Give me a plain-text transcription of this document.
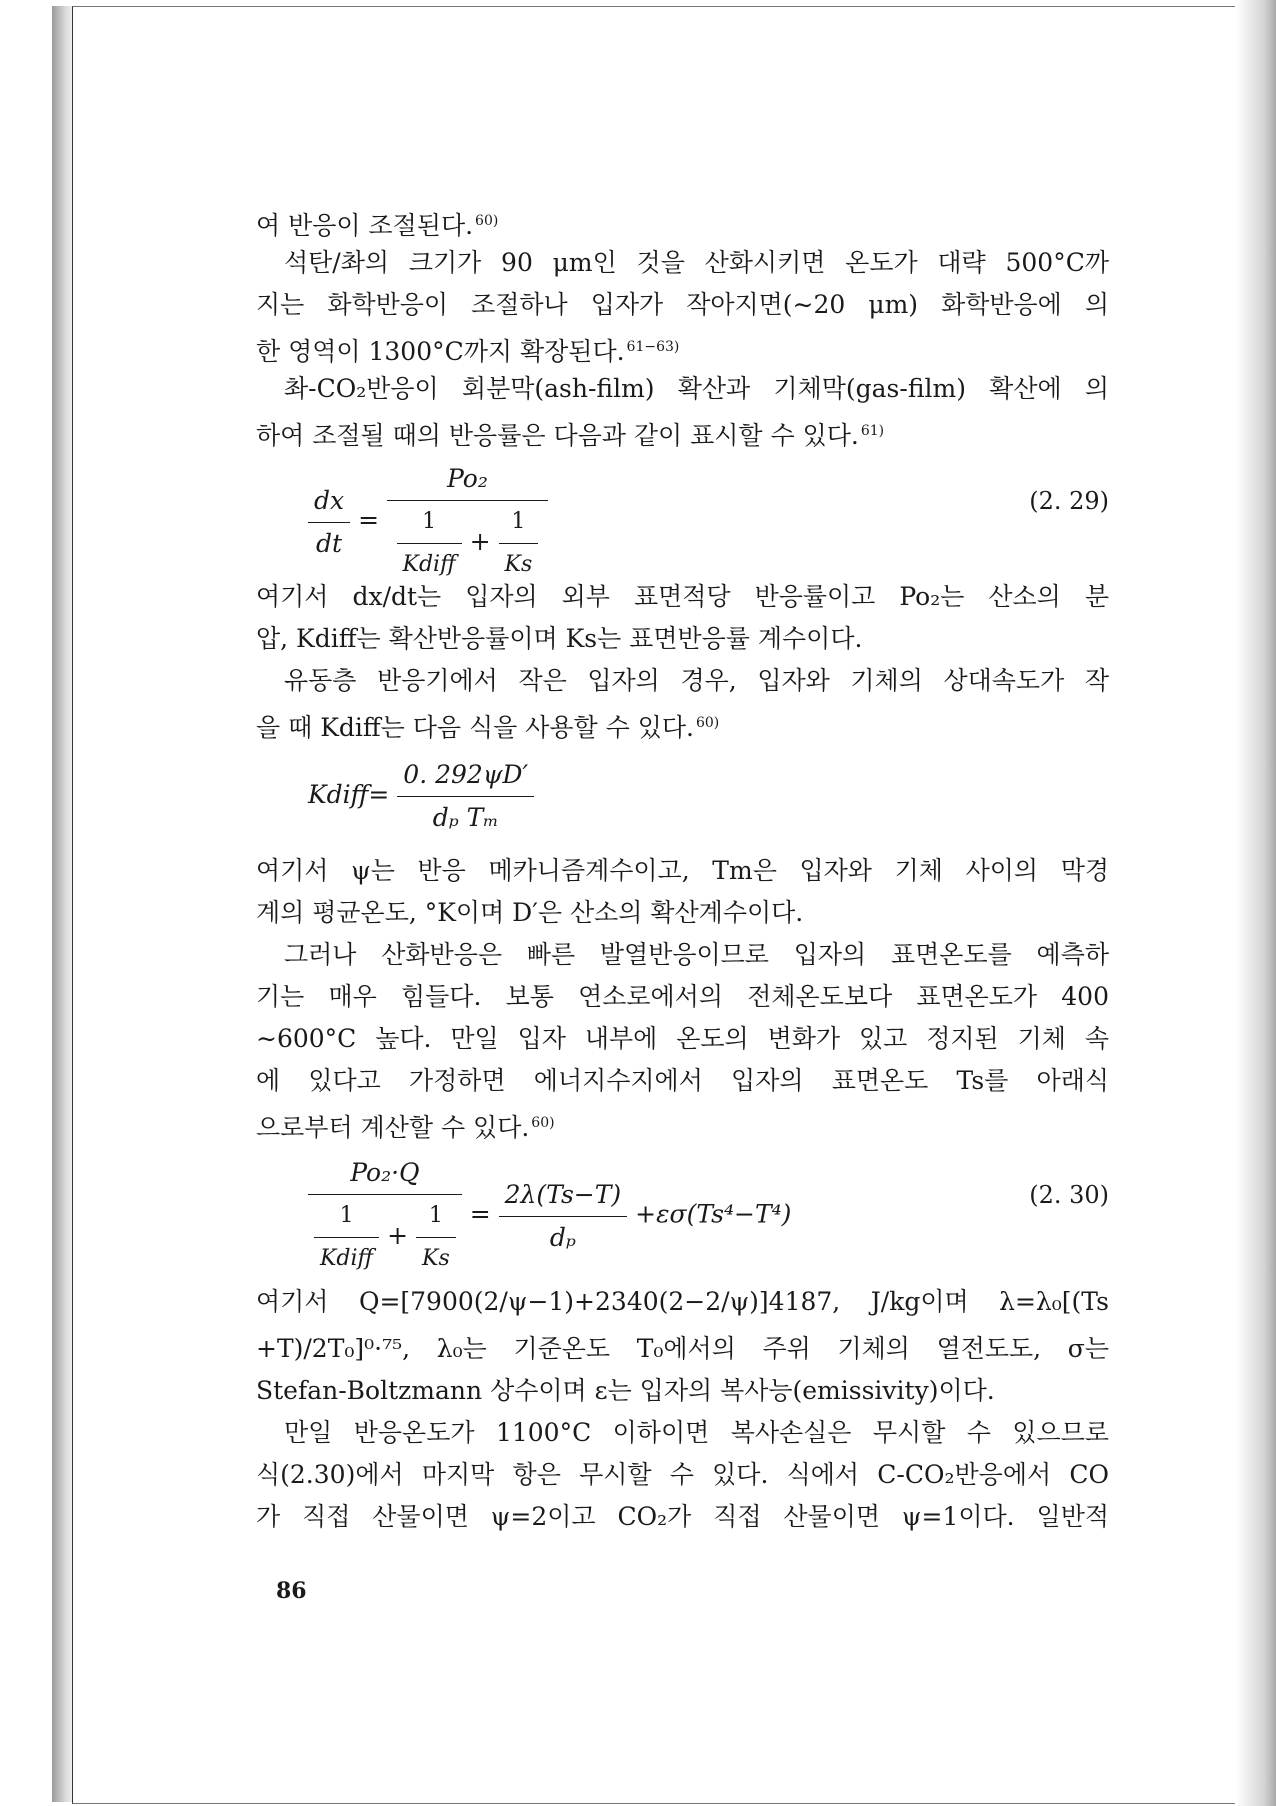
여 반응이 조절된다. $^{60)}$
석탄/촤의 크기가 90 μm인 것을 산화시키면 온도가 대략 500°C까
지는 화학반응이 조절하나 입자가 작아지면(∼20 μm) 화학반응에 의
한 영역이 1300°C까지 확장된다. $^{61-63)}$
촤-CO₂반응이 회분막(ash-film) 확산과 기체막(gas-film) 확산에 의
하여 조절될 때의 반응률은 다음과 같이 표시할 수 있다. $^{61)}$
$\frac{dx}{dt}$ =
Po₂
$\frac{1}{\text{Kdiff}} + \frac{1}{Ks}$	(2. 29)
여기서 dx/dt는 입자의 외부 표면적당 반응률이고 Po₂는 산소의 분
압, Kdiff는 확산반응률이며 Ks는 표면반응률 계수이다.
유동층 반응기에서 작은 입자의 경우, 입자와 기체의 상대속도가 작
을 때 Kdiff는 다음 식을 사용할 수 있다. $^{60)}$
Kdiff= $\frac{0. 292\psi D'}{\text{dₚ Tₘ}}$
여기서 ψ는 반응 메카니즘계수이고, Tm은 입자와 기체 사이의 막경
계의 평균온도, °K이며 D′은 산소의 확산계수이다.
그러나 산화반응은 빠른 발열반응이므로 입자의 표면온도를 예측하
기는 매우 힘들다. 보통 연소로에서의 전체온도보다 표면온도가 400
∼600°C 높다. 만일 입자 내부에 온도의 변화가 있고 정지된 기체 속
에 있다고 가정하면 에너지수지에서 입자의 표면온도 Ts를 아래식
으로부터 계산할 수 있다. $^{60)}$
Po₂·Q
$\frac{1}{\text{Kdiff}} + \frac{1}{Ks} = \frac{2\lambda(Ts-T)}{\text{dₚ}} +\varepsilon\sigma(Ts^4-T^4)$
(2. 30)
여기서 Q=[7900(2/ψ−1)+2340(2−2/ψ)]4187, J/kg이며 λ=λ₀[(Ts
+T)/2T₀]⁰·⁷⁵, λ₀는 기준온도 T₀에서의 주위 기체의 열전도도, σ는
Stefan-Boltzmann 상수이며 ε는 입자의 복사능(emissivity)이다.
만일 반응온도가 1100°C 이하이면 복사손실은 무시할 수 있으므로
식(2.30)에서 마지막 항은 무시할 수 있다. 식에서 C-CO₂반응에서 CO
가 직접 산물이면 ψ=2이고 CO₂가 직접 산물이면 ψ=1이다. 일반적
86
